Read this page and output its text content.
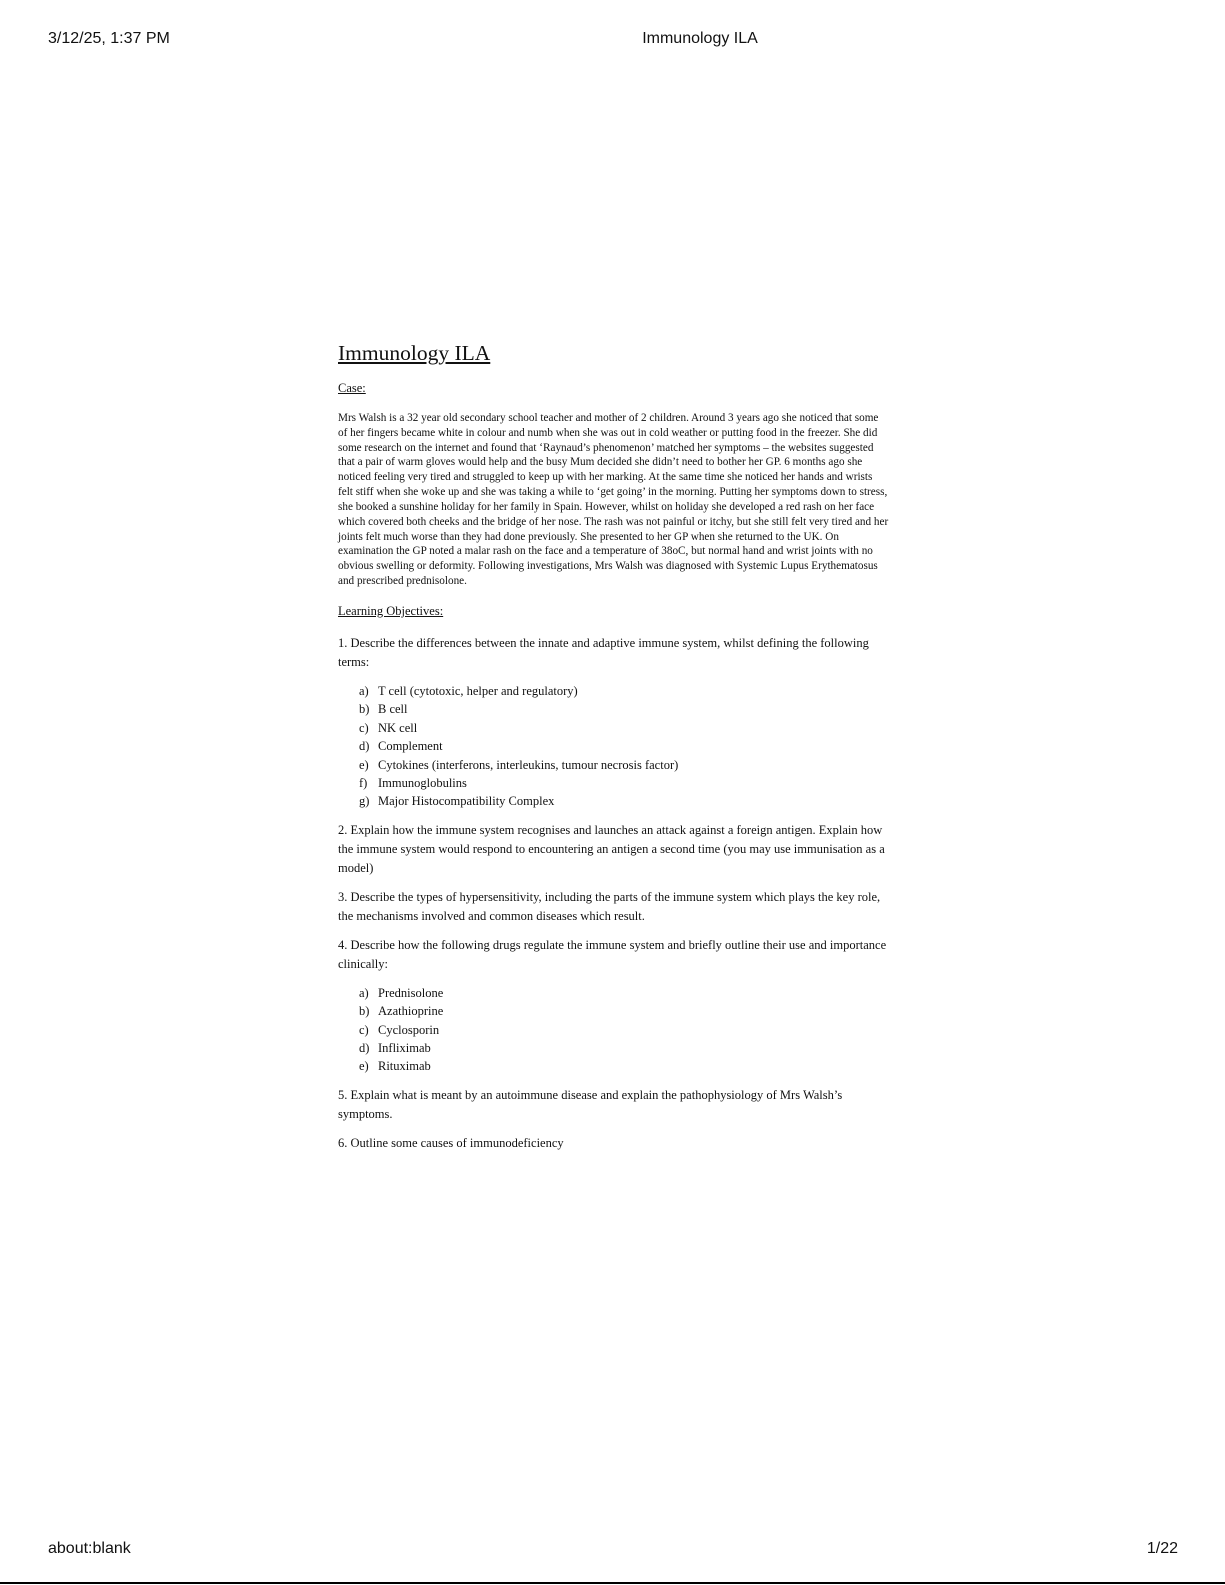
3/12/25, 1:37 PM	Immunology ILA
Immunology ILA
Case:

Mrs Walsh is a 32 year old secondary school teacher and mother of 2 children. Around 3 years ago she noticed that some of her fingers became white in colour and numb when she was out in cold weather or putting food in the freezer. She did some research on the internet and found that ‘Raynaud’s phenomenon’ matched her symptoms – the websites suggested that a pair of warm gloves would help and the busy Mum decided she didn’t need to bother her GP. 6 months ago she noticed feeling very tired and struggled to keep up with her marking. At the same time she noticed her hands and wrists felt stiff when she woke up and she was taking a while to ‘get going’ in the morning. Putting her symptoms down to stress, she booked a sunshine holiday for her family in Spain. However, whilst on holiday she developed a red rash on her face which covered both cheeks and the bridge of her nose. The rash was not painful or itchy, but she still felt very tired and her joints felt much worse than they had done previously. She presented to her GP when she returned to the UK. On examination the GP noted a malar rash on the face and a temperature of 38oC, but normal hand and wrist joints with no obvious swelling or deformity. Following investigations, Mrs Walsh was diagnosed with Systemic Lupus Erythematosus and prescribed prednisolone.

Learning Objectives:

1. Describe the differences between the innate and adaptive immune system, whilst defining the following terms:

a) T cell (cytotoxic, helper and regulatory)
b) B cell
c) NK cell
d) Complement
e) Cytokines (interferons, interleukins, tumour necrosis factor)
f) Immunoglobulins
g) Major Histocompatibility Complex

2. Explain how the immune system recognises and launches an attack against a foreign antigen. Explain how the immune system would respond to encountering an antigen a second time (you may use immunisation as a model)

3. Describe the types of hypersensitivity, including the parts of the immune system which plays the key role, the mechanisms involved and common diseases which result.

4. Describe how the following drugs regulate the immune system and briefly outline their use and importance clinically:

a) Prednisolone
b) Azathioprine
c) Cyclosporin
d) Infliximab
e) Rituximab

5. Explain what is meant by an autoimmune disease and explain the pathophysiology of Mrs Walsh’s symptoms.

6. Outline some causes of immunodeficiency

about:blank	1/22
